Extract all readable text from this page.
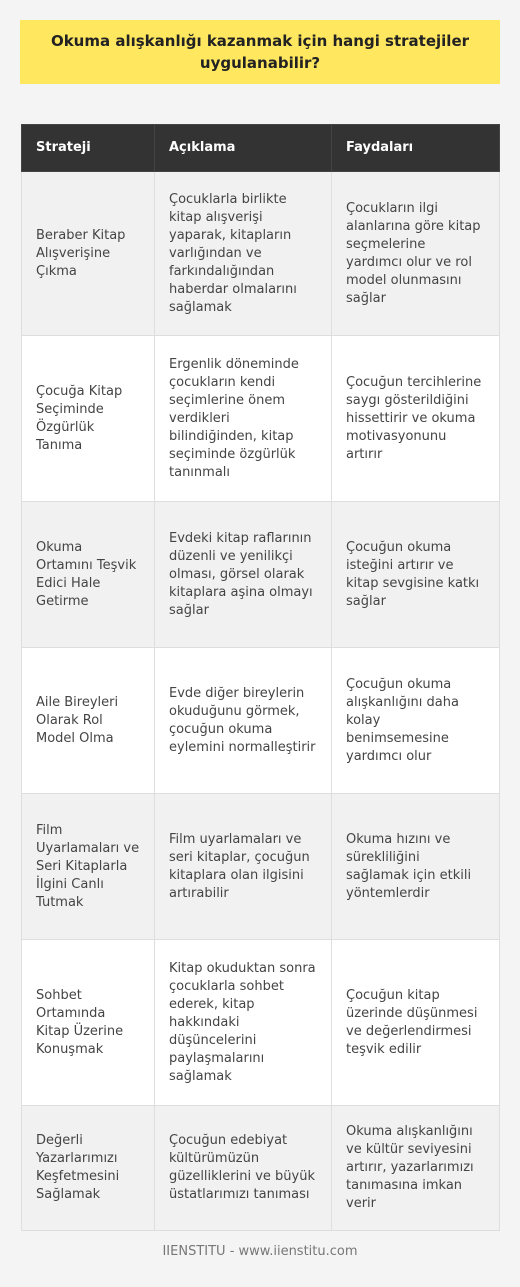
Okuma alışkanlığı kazanmak için hangi stratejiler uygulanabilir?
Strateji	Açıklama	Faydaları
Beraber Kitap Alışverişine Çıkma	Çocuklarla birlikte kitap alışverişi yaparak, kitapların varlığından ve farkındalığından haberdar olmalarını sağlamak	Çocukların ilgi alanlarına göre kitap seçmelerine yardımcı olur ve rol model olunmasını sağlar
Çocuğa Kitap Seçiminde Özgürlük Tanıma	Ergenlik döneminde çocukların kendi seçimlerine önem verdikleri bilindiğinden, kitap seçiminde özgürlük tanınmalı	Çocuğun tercihlerine saygı gösterildiğini hissettirir ve okuma motivasyonunu artırır
Okuma Ortamını Teşvik Edici Hale Getirme	Evdeki kitap raflarının düzenli ve yenilikçi olması, görsel olarak kitaplara aşina olmayı sağlar	Çocuğun okuma isteğini artırır ve kitap sevgisine katkı sağlar
Aile Bireyleri Olarak Rol Model Olma	Evde diğer bireylerin okuduğunu görmek, çocuğun okuma eylemini normalleştirir	Çocuğun okuma alışkanlığını daha kolay benimsemesine yardımcı olur
Film Uyarlamaları ve Seri Kitaplarla İlgini Canlı Tutmak	Film uyarlamaları ve seri kitaplar, çocuğun kitaplara olan ilgisini artırabilir	Okuma hızını ve sürekliliğini sağlamak için etkili yöntemlerdir
Sohbet Ortamında Kitap Üzerine Konuşmak	Kitap okuduktan sonra çocuklarla sohbet ederek, kitap hakkındaki düşüncelerini paylaşmalarını sağlamak	Çocuğun kitap üzerinde düşünmesi ve değerlendirmesi teşvik edilir
Değerli Yazarlarımızı Keşfetmesini Sağlamak	Çocuğun edebiyat kültürümüzün güzelliklerini ve büyük üstatlarımızı tanıması	Okuma alışkanlığını ve kültür seviyesini artırır, yazarlarımızı tanımasına imkan verir
IIENSTITU - www.iienstitu.com
